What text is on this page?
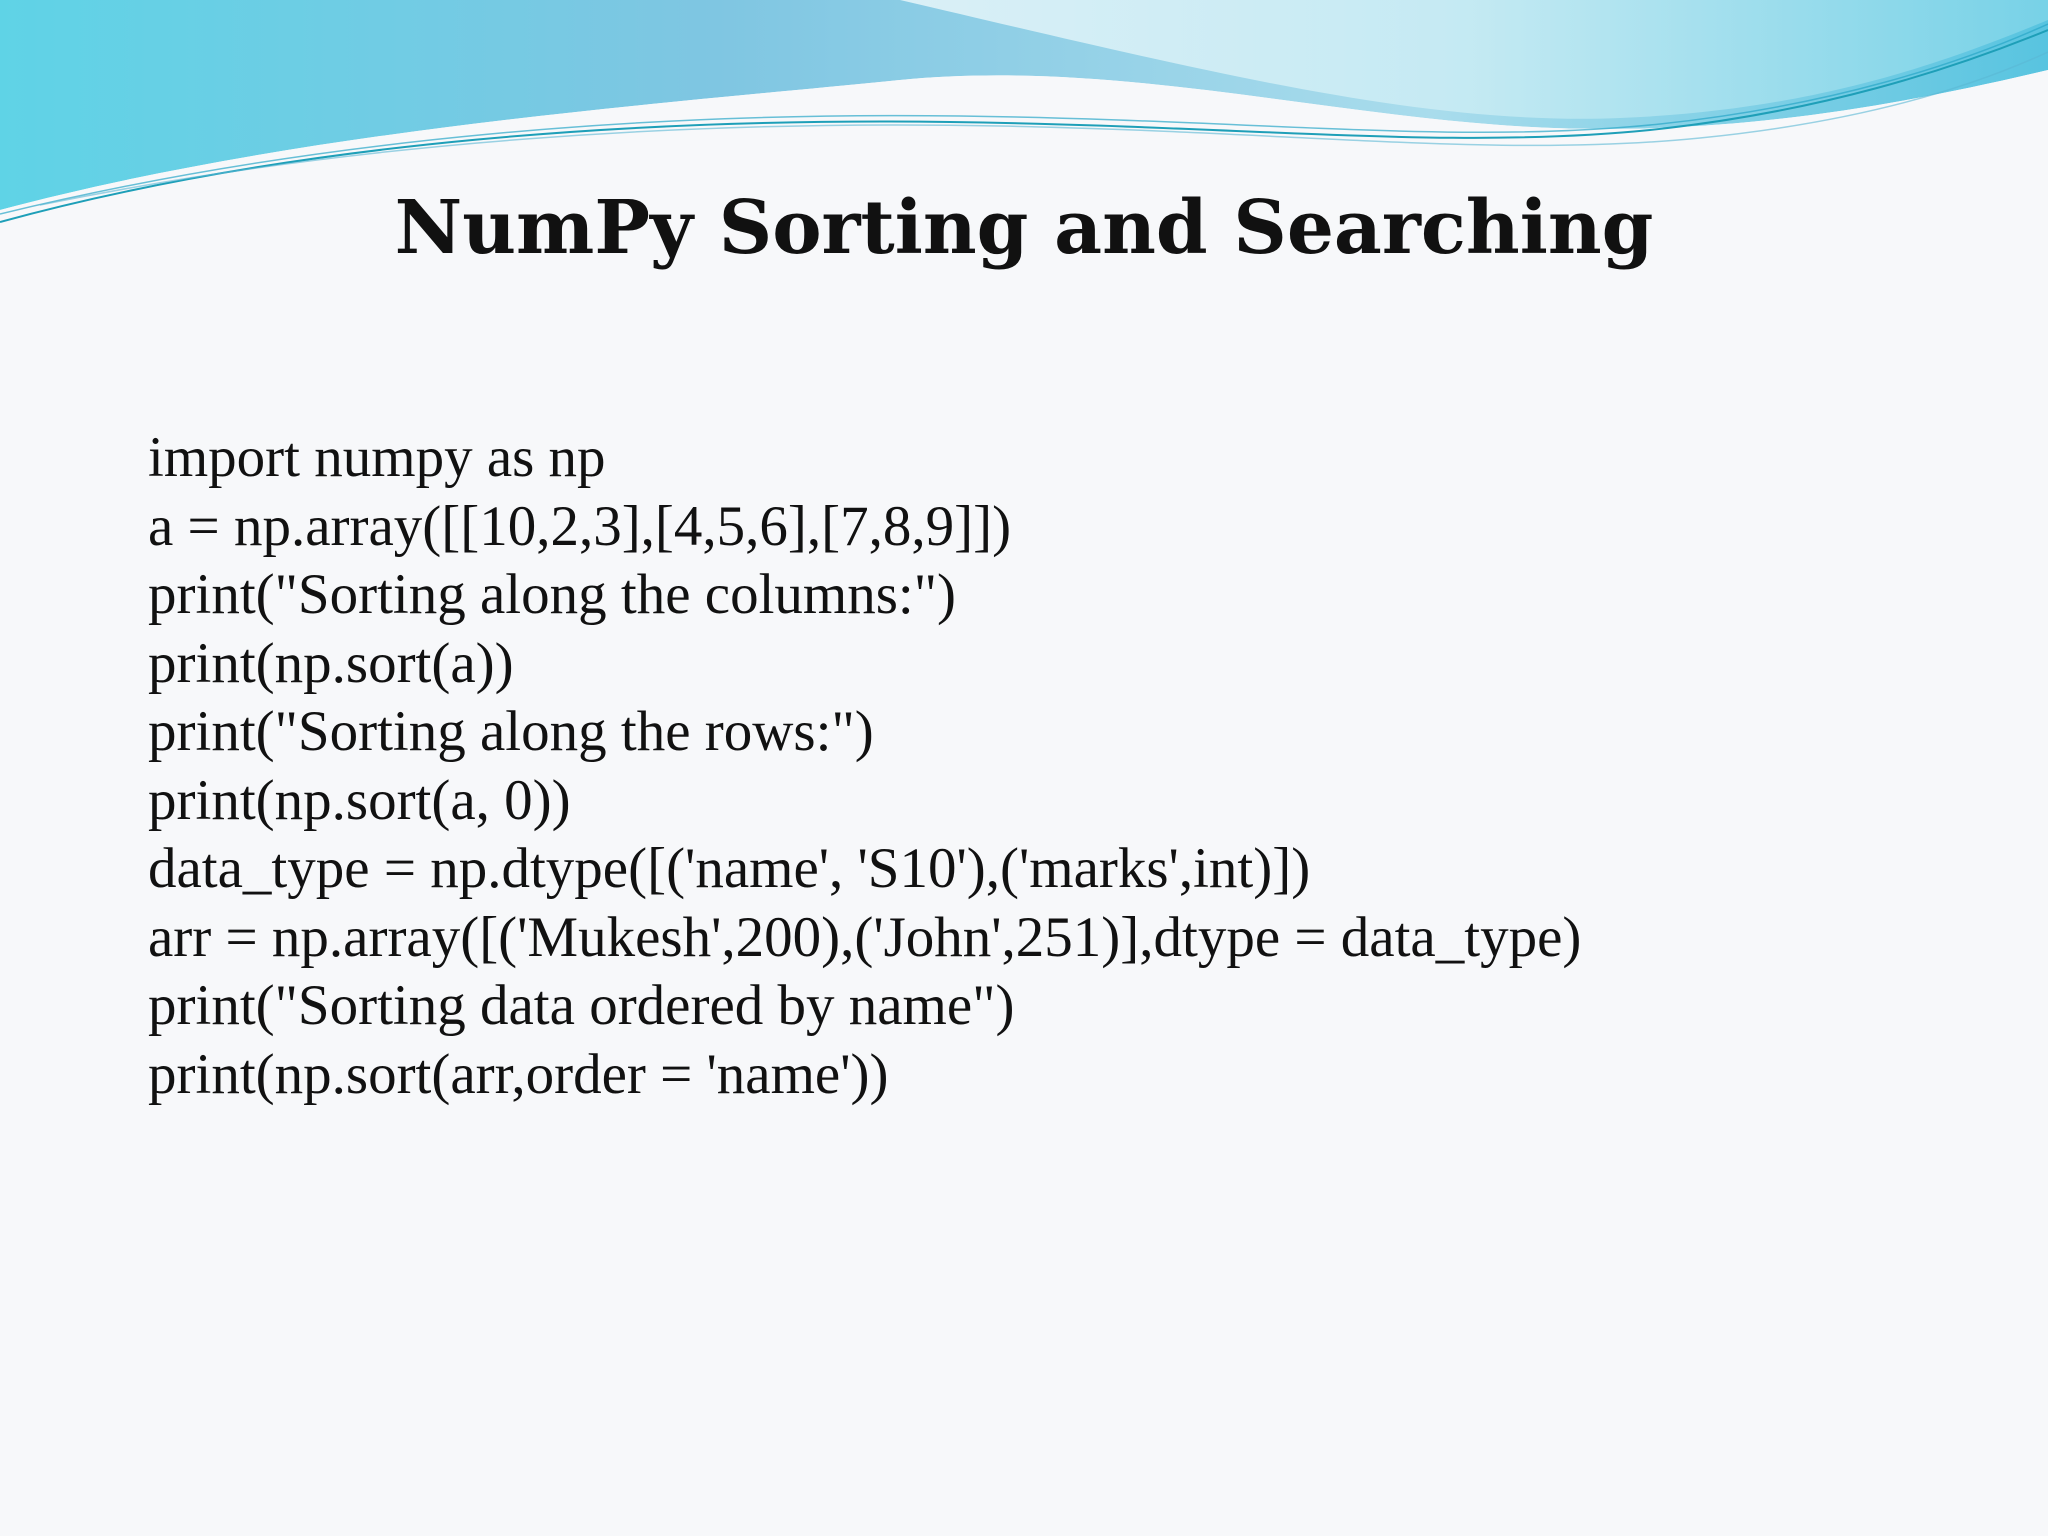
NumPy Sorting and Searching
import numpy as np
a = np.array([[10,2,3],[4,5,6],[7,8,9]])
print("Sorting along the columns:")
print(np.sort(a))
print("Sorting along the rows:")
print(np.sort(a, 0))
data_type = np.dtype([('name', 'S10'),('marks',int)])
arr = np.array([('Mukesh',200),('John',251)],dtype = data_type)
print("Sorting data ordered by name")
print(np.sort(arr,order = 'name'))
